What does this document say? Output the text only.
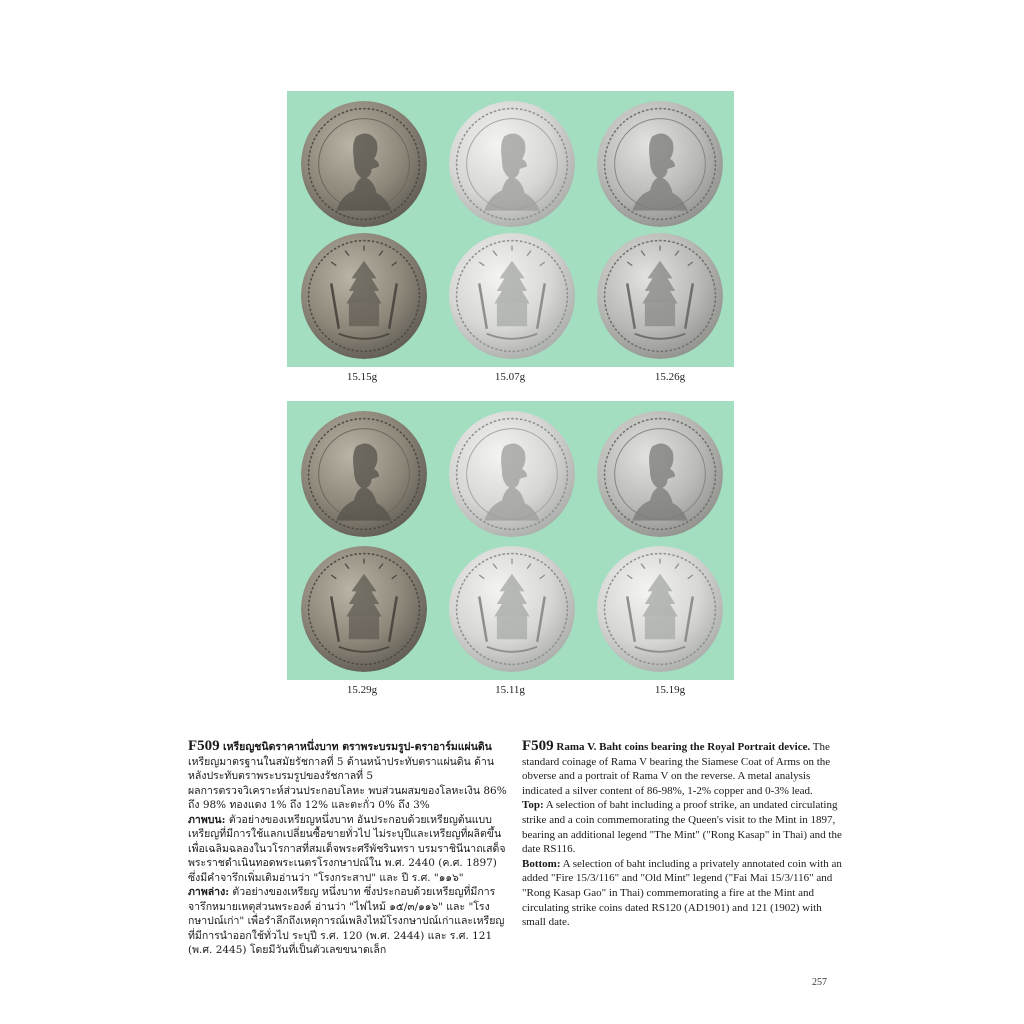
15.15g	15.07g	15.26g
15.29g	15.11g	15.19g

F509 เหรียญชนิดราคาหนึ่งบาท ตราพระบรมรูป-ตราอาร์มแผ่นดิน

เหรียญมาตรฐานในสมัยรัชกาลที่ 5 ด้านหน้าประทับตราแผ่นดิน ด้านหลังประทับตราพระบรมรูปของรัชกาลที่ 5

ผลการตรวจวิเคราะห์ส่วนประกอบโลหะ พบส่วนผสมของโลหะเงิน 86% ถึง 98% ทองแดง 1% ถึง 12% และตะกั่ว 0% ถึง 3%

ภาพบน: ตัวอย่างของเหรียญหนึ่งบาท อันประกอบด้วยเหรียญต้นแบบ เหรียญที่มีการใช้แลกเปลี่ยนซื้อขายทั่วไป ไม่ระบุปีและเหรียญที่ผลิตขึ้นเพื่อเฉลิมฉลองในวโรกาสที่สมเด็จพระศรีพัชรินทรา บรมราชินีนาถเสด็จพระราชดำเนินทอดพระเนตรโรงกษาปณ์ใน พ.ศ. 2440 (ค.ศ. 1897) ซึ่งมีคำจารึกเพิ่มเติมอ่านว่า "โรงกระสาป" และ ปี ร.ศ. "๑๑๖"

ภาพล่าง: ตัวอย่างของเหรียญ หนึ่งบาท ซึ่งประกอบด้วยเหรียญที่มีการจารึกหมายเหตุส่วนพระองค์ อ่านว่า "ไฟไหม้ ๑๕/๓/๑๑๖" และ "โรงกษาปณ์เก่า" เพื่อรำลึกถึงเหตุการณ์เพลิงไหม้โรงกษาปณ์เก่าและเหรียญที่มีการนำออกใช้ทั่วไป ระบุปี ร.ศ. 120 (พ.ศ. 2444) และ ร.ศ. 121 (พ.ศ. 2445) โดยมีวันที่เป็นตัวเลขขนาดเล็ก

F509 Rama V. Baht coins bearing the Royal Portrait device. The standard coinage of Rama V bearing the Siamese Coat of Arms on the obverse and a portrait of Rama V on the reverse. A metal analysis indicated a silver content of 86-98%, 1-2% copper and 0-3% lead.

Top: A selection of baht including a proof strike, an undated circulating strike and a coin commemorating the Queen's visit to the Mint in 1897, bearing an additional legend "The Mint" ("Rong Kasap" in Thai) and the date RS116.

Bottom: A selection of baht including a privately annotated coin with an added "Fire 15/3/116" and "Old Mint" legend ("Fai Mai 15/3/116" and "Rong Kasap Gao" in Thai) commemorating a fire at the Mint and circulating strike coins dated RS120 (AD1901) and 121 (1902) with small date.

257
